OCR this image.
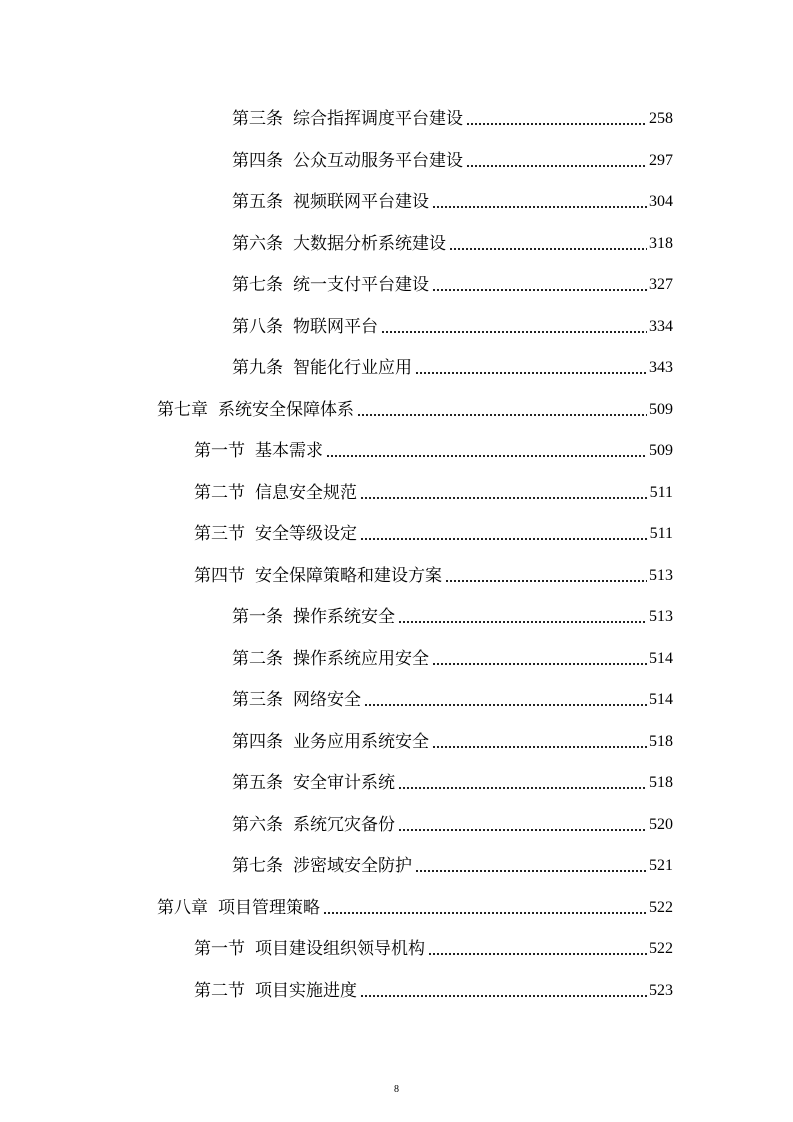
第三条 综合指挥调度平台建设	258
第四条 公众互动服务平台建设	297
第五条 视频联网平台建设	304
第六条 大数据分析系统建设	318
第七条 统一支付平台建设	327
第八条 物联网平台	334
第九条 智能化行业应用	343
第七章 系统安全保障体系	509
第一节 基本需求	509
第二节 信息安全规范	511
第三节 安全等级设定	511
第四节 安全保障策略和建设方案	513
第一条 操作系统安全	513
第二条 操作系统应用安全	514
第三条 网络安全	514
第四条 业务应用系统安全	518
第五条 安全审计系统	518
第六条 系统冗灾备份	520
第七条 涉密域安全防护	521
第八章 项目管理策略	522
第一节 项目建设组织领导机构	522
第二节 项目实施进度	523
8
